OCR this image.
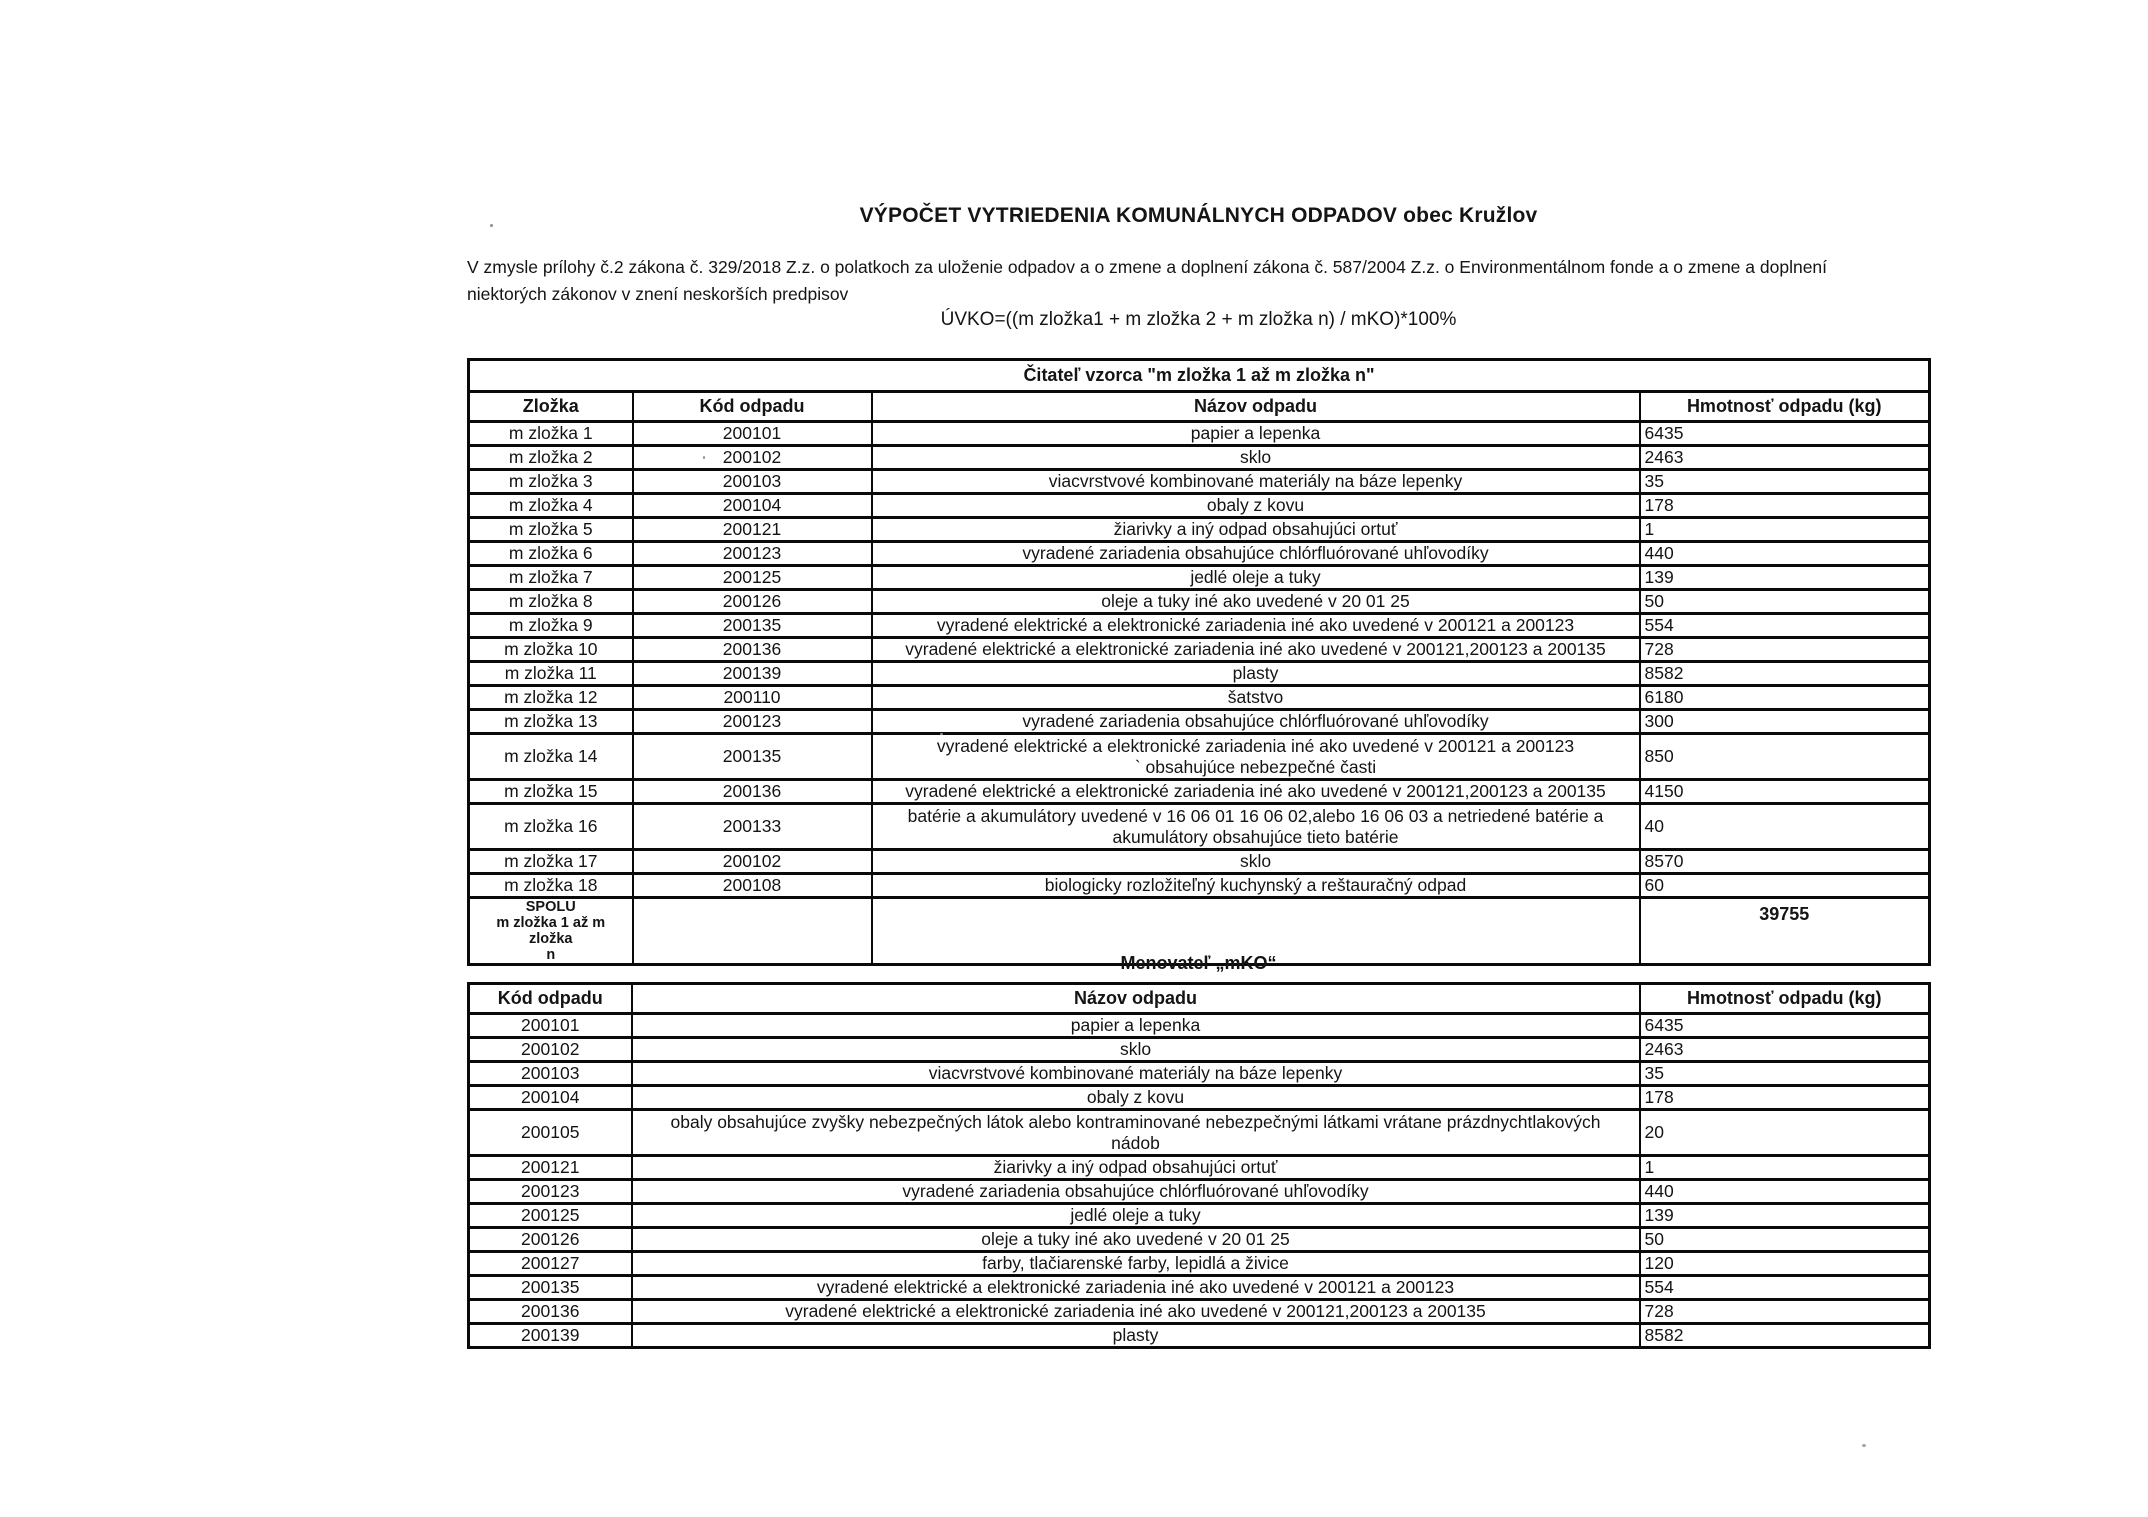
VÝPOČET VYTRIEDENIA KOMUNÁLNYCH ODPADOV obec Kružlov
V zmysle prílohy č.2 zákona č. 329/2018 Z.z. o polatkoch za uloženie odpadov a o zmene a doplnení zákona č. 587/2004 Z.z. o Environmentálnom fonde a o zmene a doplnení
niektorých zákonov v znení neskorších predpisov
ÚVKO=((m zložka1 + m zložka 2 + m zložka n) / mKO)*100%
Čitateľ vzorca "m zložka 1 až m zložka n"			
Zložka	Kód odpadu	Názov odpadu	Hmotnosť odpadu (kg)
m zložka 1	200101	papier a lepenka	6435
m zložka 2	200102	sklo	2463
m zložka 3	200103	viacvrstvové kombinované materiály na báze lepenky	35
m zložka 4	200104	obaly z kovu	178
m zložka 5	200121	žiarivky a iný odpad obsahujúci ortuť	1
m zložka 6	200123	vyradené zariadenia obsahujúce chlórfluórované uhľovodíky	440
m zložka 7	200125	jedlé oleje a tuky	139
m zložka 8	200126	oleje a tuky iné ako uvedené v 20 01 25	50
m zložka 9	200135	vyradené elektrické a elektronické zariadenia iné ako uvedené v 200121 a 200123	554
m zložka 10	200136	vyradené elektrické a elektronické zariadenia iné ako uvedené v 200121,200123 a 200135	728
m zložka 11	200139	plasty	8582
m zložka 12	200110	šatstvo	6180
m zložka 13	200123	vyradené zariadenia obsahujúce chlórfluórované uhľovodíky	300
m zložka 14	200135	vyradené elektrické a elektronické zariadenia iné ako uvedené v 200121 a 200123
` obsahujúce nebezpečné časti	850
m zložka 15	200136	vyradené elektrické a elektronické zariadenia iné ako uvedené v 200121,200123 a 200135	4150
m zložka 16	200133	batérie a akumulátory uvedené v 16 06 01 16 06 02,alebo 16 06 03 a netriedené batérie a
akumulátory obsahujúce tieto batérie	40
m zložka 17	200102	sklo	8570
m zložka 18	200108	biologicky rozložiteľný kuchynský a reštauračný odpad	60

SPOLU
m zložka 1 až m zložka
n			39755
Menovateľ „mKO“
Kód odpadu	Názov odpadu	Hmotnosť odpadu (kg)
200101	papier a lepenka	6435
200102	sklo	2463
200103	viacvrstvové kombinované materiály na báze lepenky	35
200104	obaly z kovu	178
200105	obaly obsahujúce zvyšky nebezpečných látok alebo kontraminované nebezpečnými látkami vrátane prázdnychtlakových
nádob	20
200121	žiarivky a iný odpad obsahujúci ortuť	1
200123	vyradené zariadenia obsahujúce chlórfluórované uhľovodíky	440
200125	jedlé oleje a tuky	139
200126	oleje a tuky iné ako uvedené v 20 01 25	50
200127	farby, tlačiarenské farby, lepidlá a živice	120
200135	vyradené elektrické a elektronické zariadenia iné ako uvedené v 200121 a 200123	554
200136	vyradené elektrické a elektronické zariadenia iné ako uvedené v 200121,200123 a 200135	728
200139	plasty	8582
